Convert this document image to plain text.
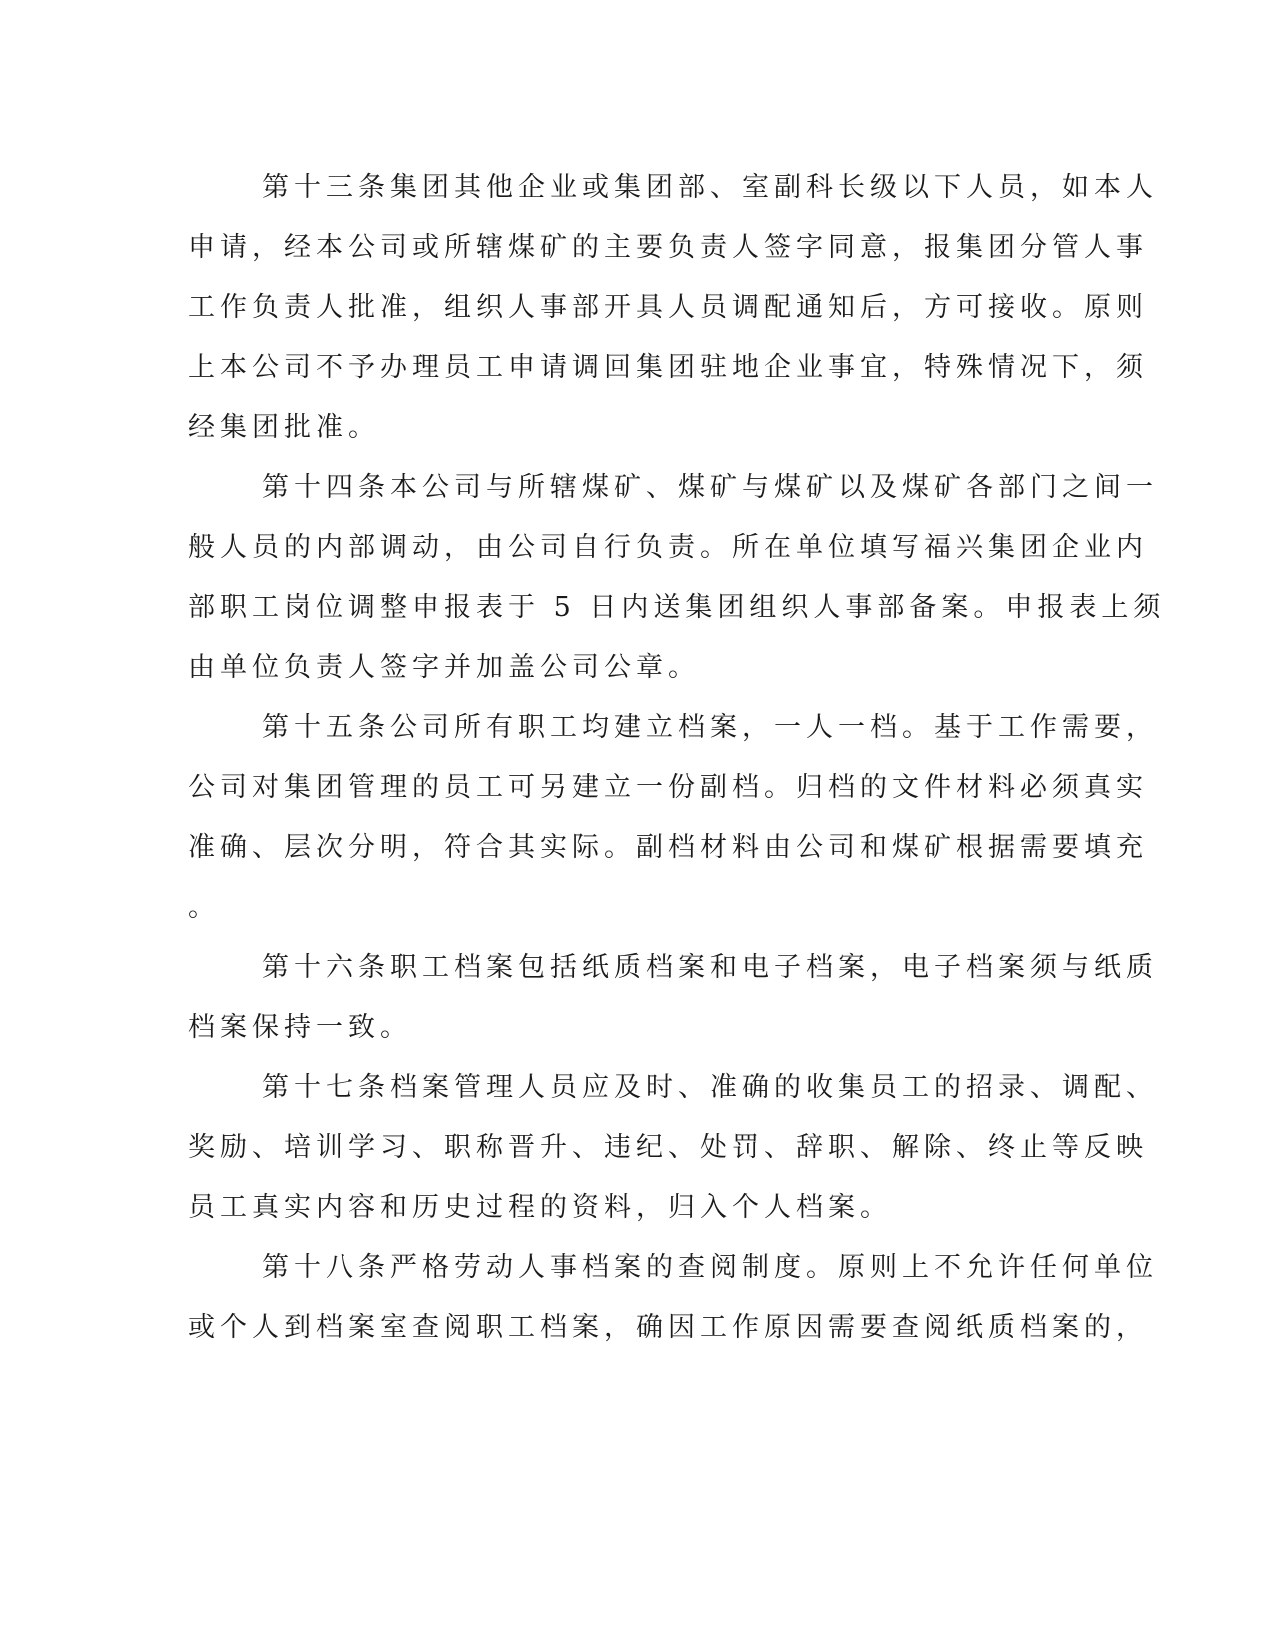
第十三条集团其他企业或集团部、室副科长级以下人员，如本人
申请，经本公司或所辖煤矿的主要负责人签字同意，报集团分管人事
工作负责人批准，组织人事部开具人员调配通知后，方可接收。原则
上本公司不予办理员工申请调回集团驻地企业事宜，特殊情况下，须
经集团批准。
第十四条本公司与所辖煤矿、煤矿与煤矿以及煤矿各部门之间一
般人员的内部调动，由公司自行负责。所在单位填写福兴集团企业内
部职工岗位调整申报表于 5 日内送集团组织人事部备案。申报表上须
由单位负责人签字并加盖公司公章。
第十五条公司所有职工均建立档案，一人一档。基于工作需要，
公司对集团管理的员工可另建立一份副档。归档的文件材料必须真实
准确、层次分明，符合其实际。副档材料由公司和煤矿根据需要填充
。
第十六条职工档案包括纸质档案和电子档案，电子档案须与纸质
档案保持一致。
第十七条档案管理人员应及时、准确的收集员工的招录、调配、
奖励、培训学习、职称晋升、违纪、处罚、辞职、解除、终止等反映
员工真实内容和历史过程的资料，归入个人档案。
第十八条严格劳动人事档案的查阅制度。原则上不允许任何单位
或个人到档案室查阅职工档案，确因工作原因需要查阅纸质档案的，
